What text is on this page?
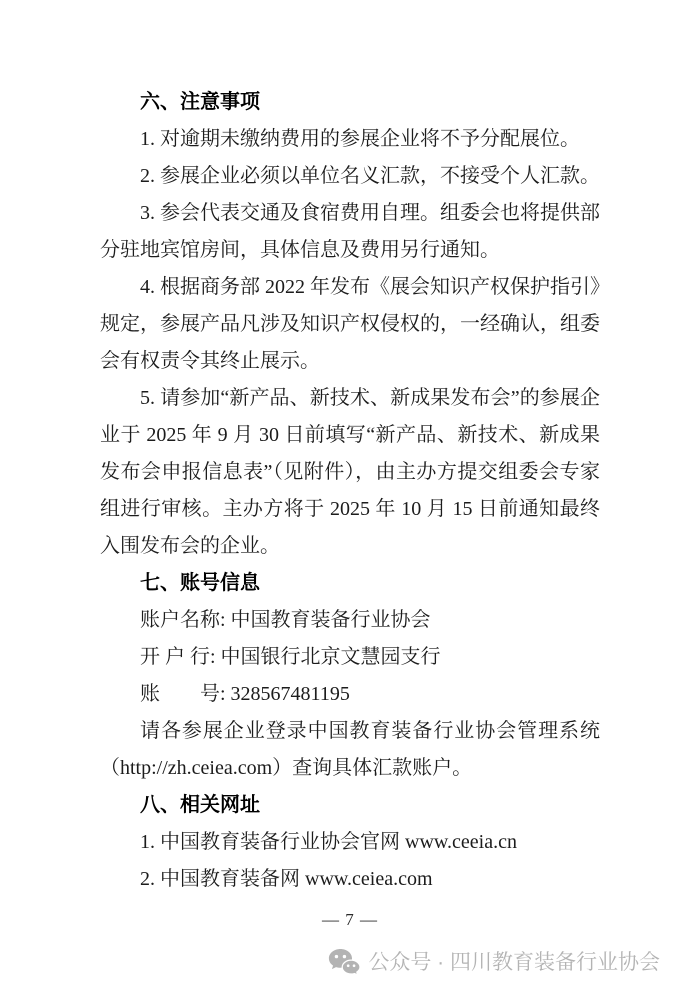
六、注意事项

1. 对逾期未缴纳费用的参展企业将不予分配展位。

2. 参展企业必须以单位名义汇款，不接受个人汇款。

3. 参会代表交通及食宿费用自理。组委会也将提供部分驻地宾馆房间，具体信息及费用另行通知。

4. 根据商务部 2022 年发布《展会知识产权保护指引》规定，参展产品凡涉及知识产权侵权的，一经确认，组委会有权责令其终止展示。

5. 请参加“新产品、新技术、新成果发布会”的参展企业于 2025 年 9 月 30 日前填写“新产品、新技术、新成果发布会申报信息表”（见附件），由主办方提交组委会专家组进行审核。主办方将于 2025 年 10 月 15 日前通知最终入围发布会的企业。

七、账号信息

账户名称: 中国教育装备行业协会

开 户 行: 中国银行北京文慧园支行

账　　号: 328567481195

请各参展企业登录中国教育装备行业协会管理系统（http://zh.ceiea.com）查询具体汇款账户。

八、相关网址

1. 中国教育装备行业协会官网 www.ceeia.cn

2. 中国教育装备网 www.ceiea.com

— 7 —
公众号 · 四川教育装备行业协会
